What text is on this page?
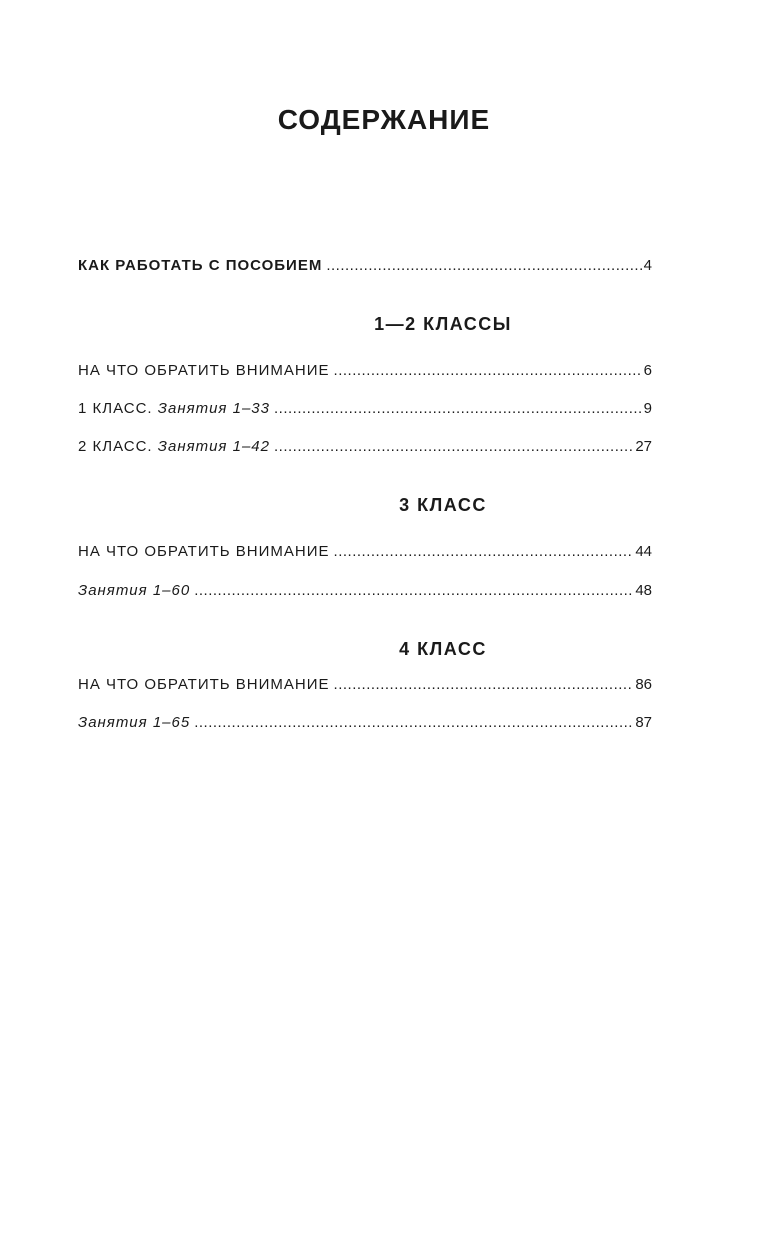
СОДЕРЖАНИЕ
КАК РАБОТАТЬ С ПОСОБИЕМ .....	4
1—2 КЛАССЫ
НА ЧТО ОБРАТИТЬ ВНИМАНИЕ .....	6
1 КЛАСС. Занятия 1–33 .....	9
2 КЛАСС. Занятия 1–42 .....	27
3 КЛАСС
НА ЧТО ОБРАТИТЬ ВНИМАНИЕ .....	44
Занятия 1–60 .....	48
4 КЛАСС
НА ЧТО ОБРАТИТЬ ВНИМАНИЕ .....	86
Занятия 1–65 .....	87
